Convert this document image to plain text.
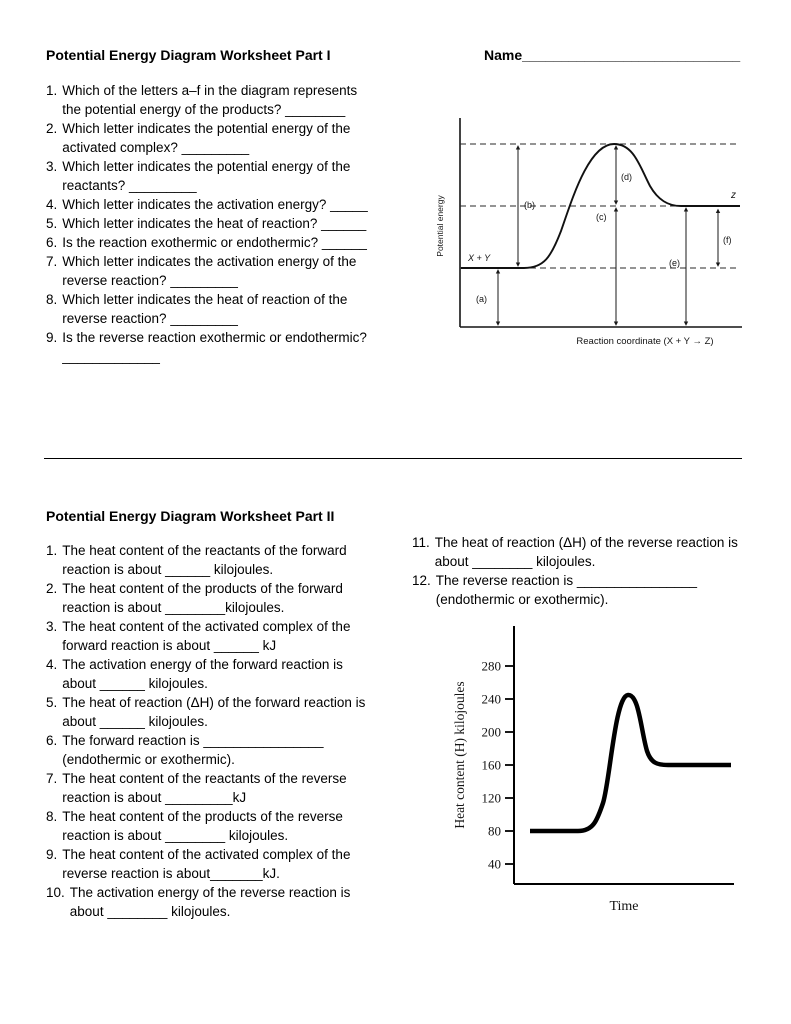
Potential Energy Diagram Worksheet Part I	Name____________________________
1. Which of the letters a–f in the diagram represents the potential energy of the products? ________
2. Which letter indicates the potential energy of the activated complex? _________
3. Which letter indicates the potential energy of the reactants? _________
4. Which letter indicates the activation energy? _____
5. Which letter indicates the heat of reaction? ______
6. Is the reaction exothermic or endothermic? ______
7. Which letter indicates the activation energy of the reverse reaction? _________
8. Which letter indicates the heat of reaction of the reverse reaction? _________
9. Is the reverse reaction exothermic or endothermic? _____________
(a)
(b)
(c)
(d)
(e)
(f)
X + Y
z
Potential energy
Reaction coordinate (X + Y → Z)
Potential Energy Diagram Worksheet Part II
1. The heat content of the reactants of the forward reaction is about ______ kilojoules.
2. The heat content of the products of the forward reaction is about ________kilojoules.
3. The heat content of the activated complex of the forward reaction is about ______ kJ
4. The activation energy of the forward reaction is about ______ kilojoules.
5. The heat of reaction (ΔH) of the forward reaction is about ______ kilojoules.
6. The forward reaction is ________________ (endothermic or exothermic).
7. The heat content of the reactants of the reverse reaction is about _________kJ
8. The heat content of the products of the reverse reaction is about ________ kilojoules.
9. The heat content of the activated complex of the reverse reaction is about_______kJ.
10. The activation energy of the reverse reaction is about ________ kilojoules.
11. The heat of reaction (ΔH) of the reverse reaction is about ________ kilojoules.
12. The reverse reaction is ________________ (endothermic or exothermic).
280
240
200
160
120
80
40
Heat content (H) kilojoules
Time
